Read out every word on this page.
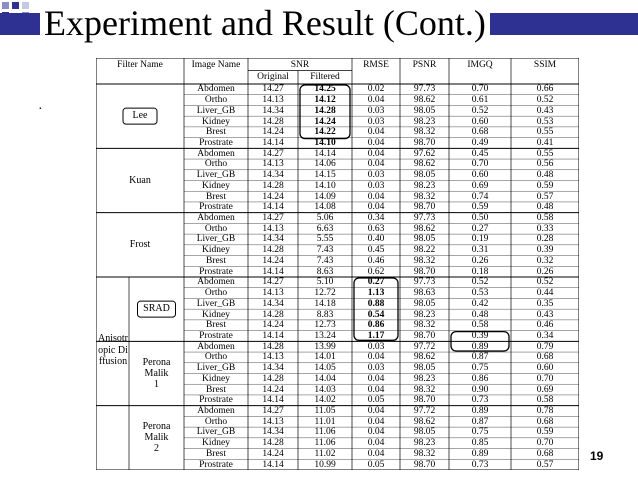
Experiment and Result (Cont.)
·
Filter Name	Image Name	SNR	RMSE	PSNR	IMGQ	SSIM
Original	Filtered
Lee
Abdomen	14.27	14.25	0.02	97.73	0.70	0.66
Ortho	14.13	14.12	0.04	98.62	0.61	0.52
Liver_GB	14.34	14.28	0.03	98.05	0.52	0.43
Kidney	14.28	14.24	0.03	98.23	0.60	0.53
Brest	14.24	14.22	0.04	98.32	0.68	0.55
Prostrate	14.14	14.10	0.04	98.70	0.49	0.41
Kuan
Abdomen	14.27	14.14	0.04	97.62	0.45	0.55
Ortho	14.13	14.06	0.04	98.62	0.70	0.56
Liver_GB	14.34	14.15	0.03	98.05	0.60	0.48
Kidney	14.28	14.10	0.03	98.23	0.69	0.59
Brest	14.24	14.09	0.04	98.32	0.74	0.57
Prostrate	14.14	14.08	0.04	98.70	0.59	0.48
Frost
Abdomen	14.27	5.06	0.34	97.73	0.50	0.58
Ortho	14.13	6.63	0.63	98.62	0.27	0.33
Liver_GB	14.34	5.55	0.40	98.05	0.19	0.28
Kidney	14.28	7.43	0.45	98.22	0.31	0.39
Brest	14.24	7.43	0.46	98.32	0.26	0.32
Prostrate	14.14	8.63	0.62	98.70	0.18	0.26
SRAD
Abdomen	14.27	5.10	0.27	97.73	0.52	0.52
Ortho	14.13	12.72	1.13	98.63	0.53	0.44
Liver_GB	14.34	14.18	0.88	98.05	0.42	0.35
Kidney	14.28	8.83	0.54	98.23	0.48	0.43
Brest	14.24	12.73	0.86	98.32	0.58	0.46
Prostrate	14.14	13.24	1.17	98.70	0.39	0.34
Perona Malik 1
Abdomen	14.28	13.99	0.03	97.72	0.89	0.79
Ortho	14.13	14.01	0.04	98.62	0.87	0.68
Liver_GB	14.34	14.05	0.03	98.05	0.75	0.60
Kidney	14.28	14.04	0.04	98.23	0.86	0.70
Brest	14.24	14.03	0.04	98.32	0.90	0.69
Prostrate	14.14	14.02	0.05	98.70	0.73	0.58
Perona Malik 2
Abdomen	14.27	11.05	0.04	97.72	0.89	0.78
Ortho	14.13	11.01	0.04	98.62	0.87	0.68
Liver_GB	14.34	11.06	0.04	98.05	0.75	0.59
Kidney	14.28	11.06	0.04	98.23	0.85	0.70
Brest	14.24	11.02	0.04	98.32	0.89	0.68
Prostrate	14.14	10.99	0.05	98.70	0.73	0.57
Anisotropic Diffusion
19
